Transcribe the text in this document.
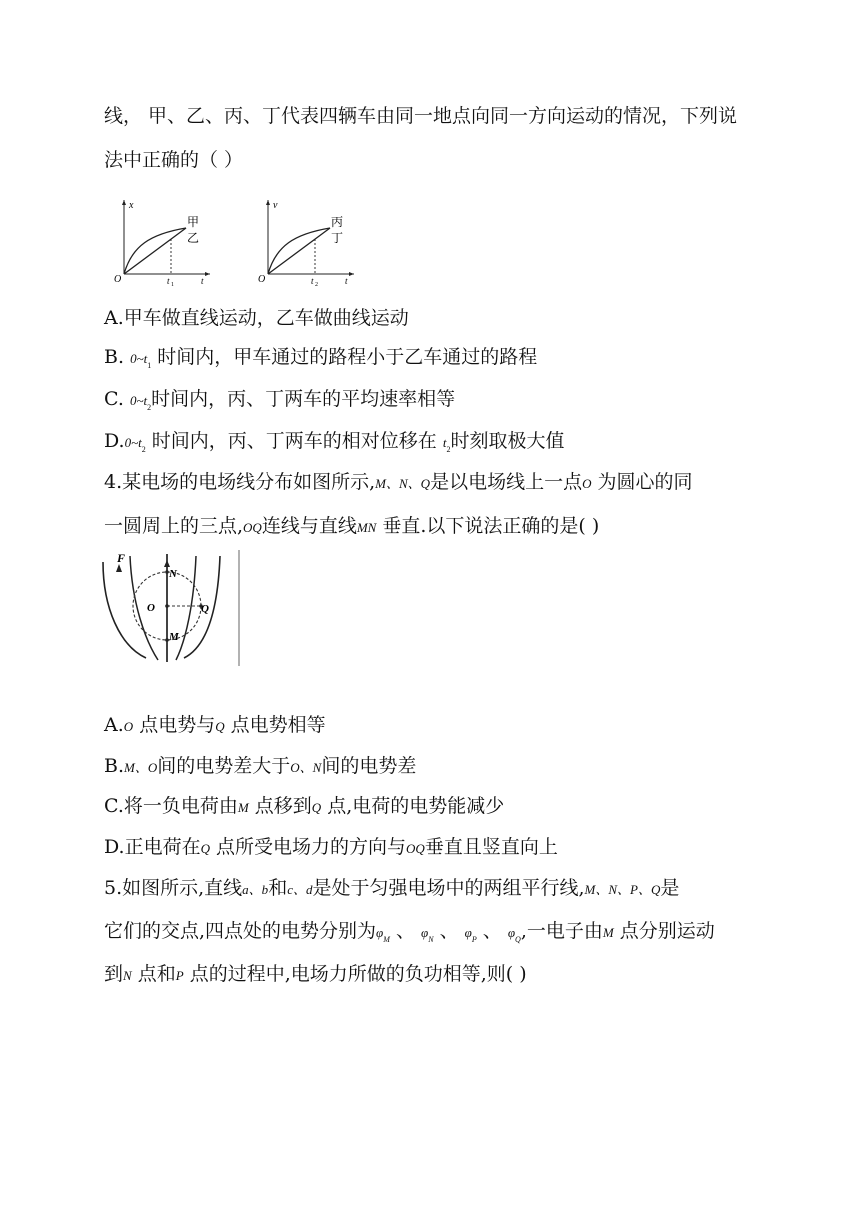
线， 甲、乙、丙、丁代表四辆车由同一地点向同一方向运动的情况，下列说
法中正确的（ ）
x
O	t
t 1
甲
乙
v
O	t
t 2
丙
丁
A.甲车做直线运动，乙车做曲线运动
B. $0\sim t_1$ 时间内，甲车通过的路程小于乙车通过的路程
C. $0\sim t_2$时间内，丙、丁两车的平均速率相等
$D.0\sim t_2$ 时间内，丙、丁两车的相对位移在 $t_2$时刻取极大值
4.某电场的电场线分布如图所示,M、N、Q是以电场线上一点O 为圆心的同
一圆周上的三点,OQ连线与直线MN 垂直.以下说法正确的是( )
F
N
O	Q
M
A.O 点电势与Q 点电势相等
B.M、O间的电势差大于O、N间的电势差
C.将一负电荷由M 点移到Q 点,电荷的电势能减少
D.正电荷在Q 点所受电场力的方向与OQ垂直且竖直向上
5.如图所示,直线a、b和c、d是处于匀强电场中的两组平行线,M、N、P、Q是
它们的交点,四点处的电势分别为$\varphi_M$ 、 $\varphi_N$ 、 $\varphi_P$ 、 $\varphi_Q$,一电子由M 点分别运动
到N 点和P 点的过程中,电场力所做的负功相等,则( )
